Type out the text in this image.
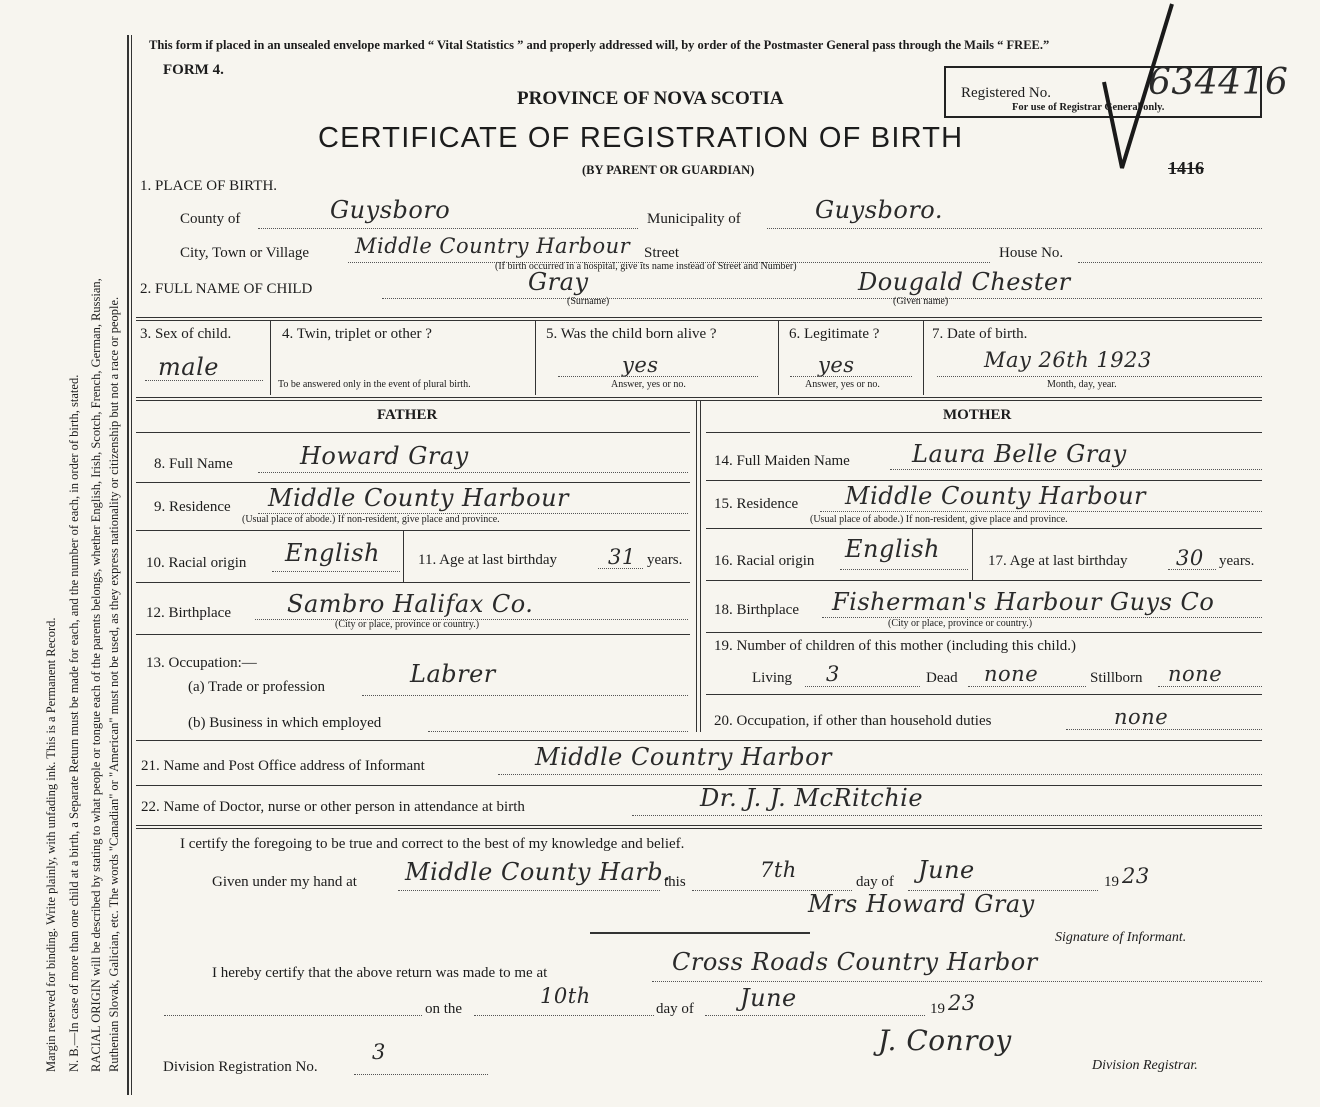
Margin reserved for binding. Write plainly, with unfading ink. This is a Permanent Record. N. B.—In case of more than one child at a birth, a Separate Return must be made for each, and the number of each, in order of birth, stated. RACIAL ORIGIN will be described by stating to what people or tongue each of the parents belongs, whether English, Irish, Scotch, French, German, Russian, Ruthenian Slovak, Galician, etc. The words "Canadian" or "American" must not be used, as they express nationality or citizenship but not a race or people.
This form if placed in an unsealed envelope marked “ Vital Statistics ” and properly addressed will, by order of the Postmaster General pass through the Mails “ FREE.”
FORM 4.
PROVINCE OF NOVA SCOTIA
CERTIFICATE OF REGISTRATION OF BIRTH
(BY PARENT OR GUARDIAN)
Registered No.
For use of Registrar General only.
634416
1416
1. PLACE OF BIRTH.
County of	Guysboro	Municipality of	Guysboro.
City, Town or Village Middle Country Harbour Street	House No.
(If birth occurred in a hospital, give its name instead of Street and Number)
2. FULL NAME OF CHILD	Gray
(Surname)
Dougald Chester
(Given name)
3. Sex of child.
male
4. Twin, triplet or other ?
To be answered only in the event of plural birth.
5. Was the child born alive ?
yes
Answer, yes or no.
6. Legitimate ?
yes
Answer, yes or no.
7. Date of birth.
May 26th 1923
Month, day, year.
FATHER	MOTHER
8. Full Name	Howard Gray
9. Residence Middle County Harbour
(Usual place of abode.) If non-resident, give place and province.
10. Racial origin English	11. Age at last birthday 31 years.
12. Birthplace Sambro Halifax Co.
(City or place, province or country.)
13. Occupation:—
(a) Trade or profession	Labrer
(b) Business in which employed
14. Full Maiden Name	Laura Belle Gray
15. Residence Middle County Harbour
(Usual place of abode.) If non-resident, give place and province.
16. Racial origin English	17. Age at last birthday 30 years.
18. Birthplace Fisherman's Harbour Guys Co
(City or place, province or country.)
19. Number of children of this mother (including this child.)
Living 3	Dead none	Stillborn none
20. Occupation, if other than household duties	none
21. Name and Post Office address of Informant	Middle Country Harbor
22. Name of Doctor, nurse or other person in attendance at birth	Dr. J. J. McRitchie
I certify the foregoing to be true and correct to the best of my knowledge and belief.
Given under my hand at Middle County Harb.
this	7th	day of June	19 23
Mrs Howard Gray
Signature of Informant.
I hereby certify that the above return was made to me at	Cross Roads Country Harbor
on the
10th
day of June	19 23
J. Conroy
Division Registration No.
3
Division Registrar.
